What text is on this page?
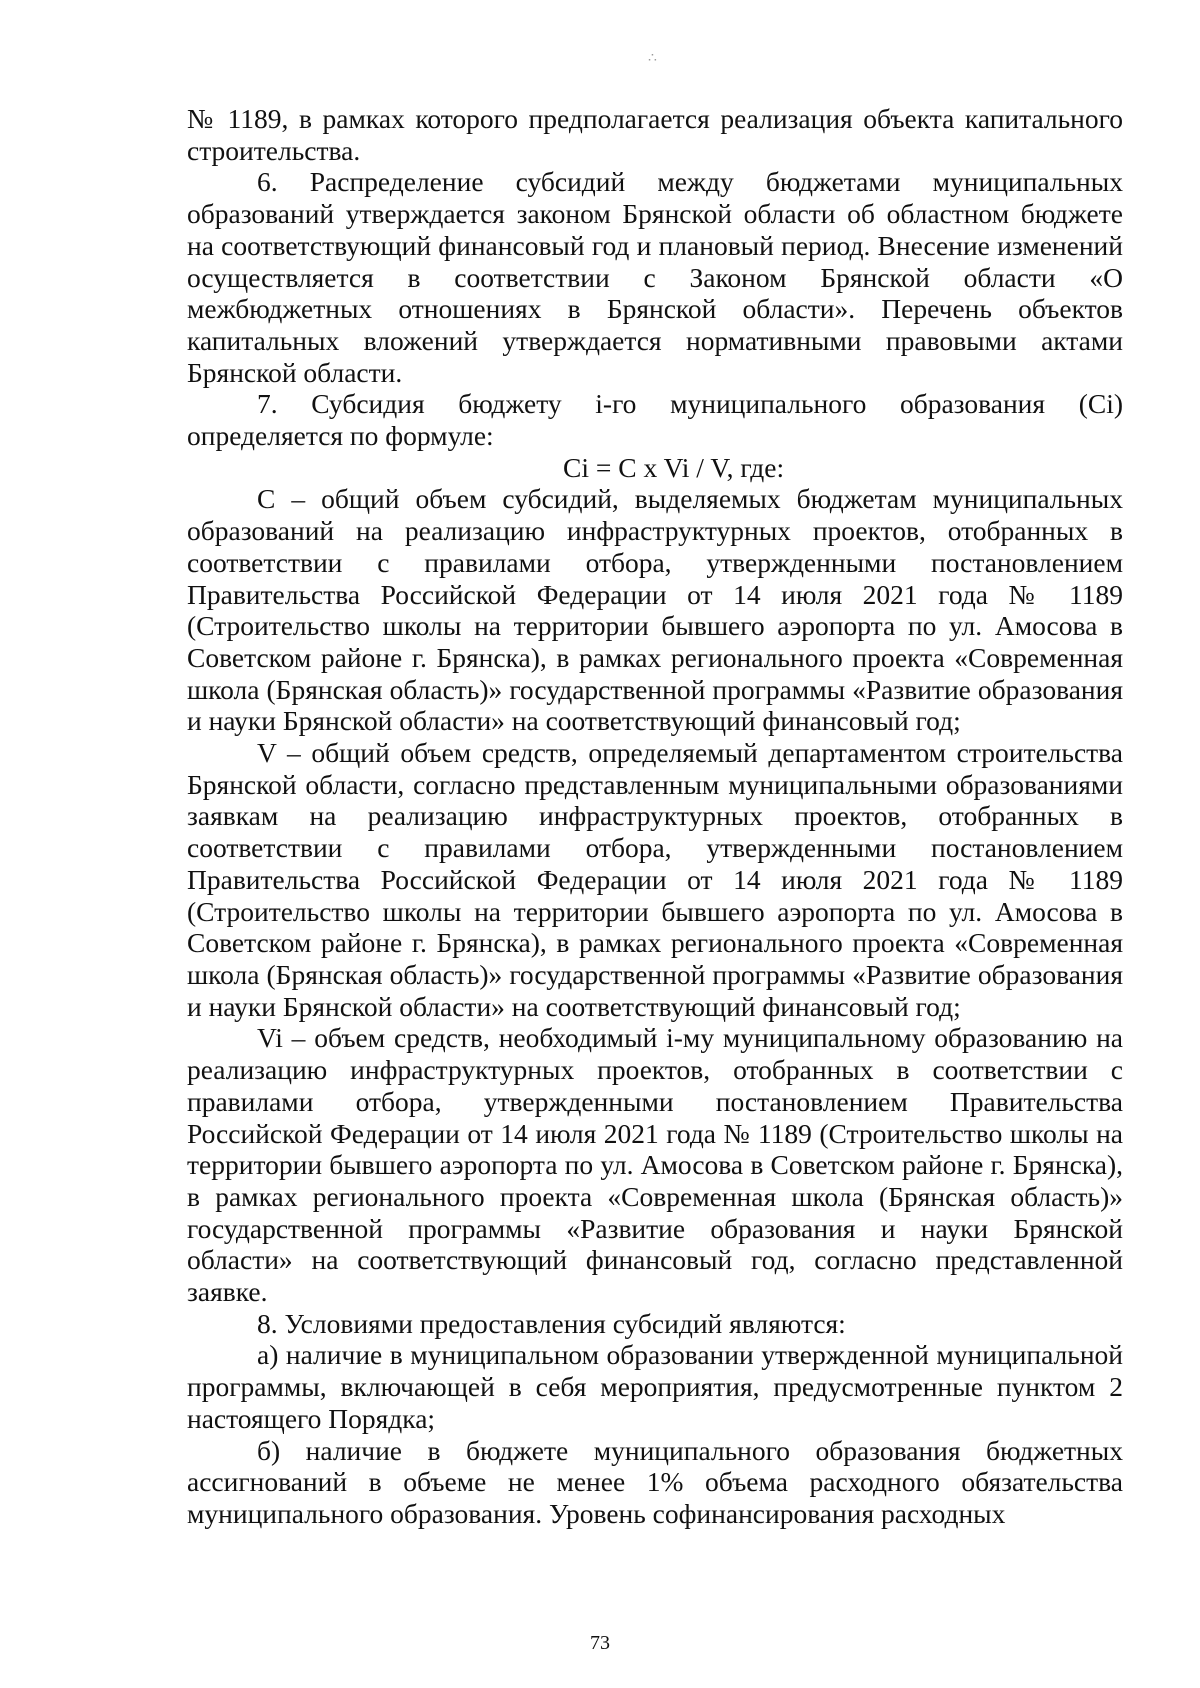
∴

№ 1189, в рамках которого предполагается реализация объекта капитального строительства.

6. Распределение субсидий между бюджетами муниципальных образований утверждается законом Брянской области об областном бюджете на соответствующий финансовый год и плановый период. Внесение изменений осуществляется в соответствии с Законом Брянской области «О межбюджетных отношениях в Брянской области». Перечень объектов капитальных вложений утверждается нормативными правовыми актами Брянской области.

7. Субсидия бюджету i-го муниципального образования (Ci) определяется по формуле:

Ci = C x Vi / V, где:

C – общий объем субсидий, выделяемых бюджетам муниципальных образований на реализацию инфраструктурных проектов, отобранных в соответствии с правилами отбора, утвержденными постановлением Правительства Российской Федерации от 14 июля 2021 года № 1189 (Строительство школы на территории бывшего аэропорта по ул. Амосова в Советском районе г. Брянска), в рамках регионального проекта «Современная школа (Брянская область)» государственной программы «Развитие образования и науки Брянской области» на соответствующий финансовый год;

V – общий объем средств, определяемый департаментом строительства Брянской области, согласно представленным муниципальными образованиями заявкам на реализацию инфраструктурных проектов, отобранных в соответствии с правилами отбора, утвержденными постановлением Правительства Российской Федерации от 14 июля 2021 года № 1189 (Строительство школы на территории бывшего аэропорта по ул. Амосова в Советском районе г. Брянска), в рамках регионального проекта «Современная школа (Брянская область)» государственной программы «Развитие образования и науки Брянской области» на соответствующий финансовый год;

Vi – объем средств, необходимый i-му муниципальному образованию на реализацию инфраструктурных проектов, отобранных в соответствии с правилами отбора, утвержденными постановлением Правительства Российской Федерации от 14 июля 2021 года № 1189 (Строительство школы на территории бывшего аэропорта по ул. Амосова в Советском районе г. Брянска), в рамках регионального проекта «Современная школа (Брянская область)» государственной программы «Развитие образования и науки Брянской области» на соответствующий финансовый год, согласно представленной заявке.

8. Условиями предоставления субсидий являются:

а) наличие в муниципальном образовании утвержденной муниципальной программы, включающей в себя мероприятия, предусмотренные пунктом 2 настоящего Порядка;

б) наличие в бюджете муниципального образования бюджетных ассигнований в объеме не менее 1% объема расходного обязательства муниципального образования. Уровень софинансирования расходных

73
